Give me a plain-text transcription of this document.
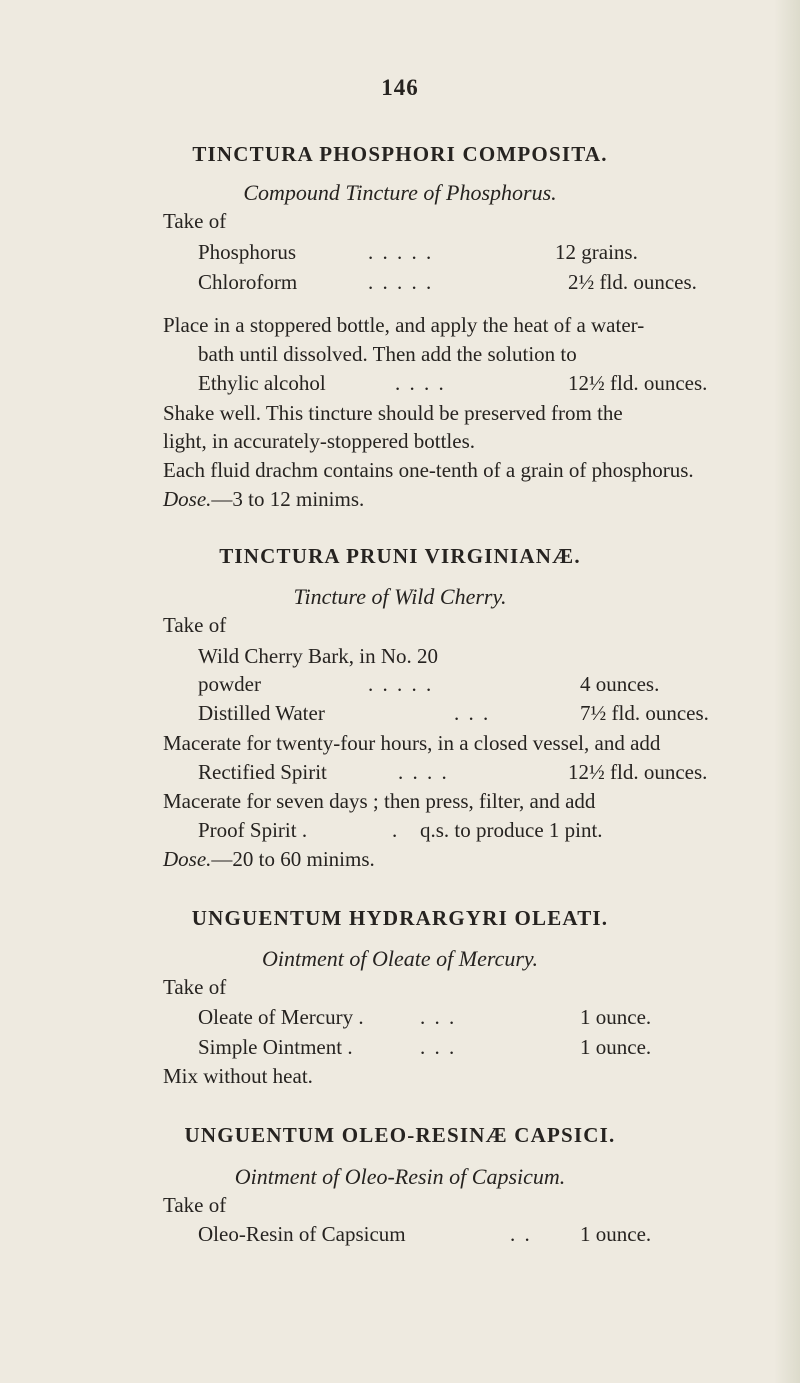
146
TINCTURA PHOSPHORI COMPOSITA.
Compound Tincture of Phosphorus.
Take of
Phosphorus	. . . . .	12 grains.
Chloroform	. . . . .	2½ fld. ounces.
Place in a stoppered bottle, and apply the heat of a water-
bath until dissolved. Then add the solution to
Ethylic alcohol	. . . .	12½ fld. ounces.
Shake well. This tincture should be preserved from the
light, in accurately-stoppered bottles.
Each fluid drachm contains one-tenth of a grain of phosphorus.
Dose.—3 to 12 minims.
TINCTURA PRUNI VIRGINIANÆ.
Tincture of Wild Cherry.
Take of
Wild Cherry Bark, in No. 20
powder	. . . . .	4 ounces.
Distilled Water	. . .	7½ fld. ounces.
Macerate for twenty-four hours, in a closed vessel, and add
Rectified Spirit	. . . .	12½ fld. ounces.
Macerate for seven days ; then press, filter, and add
Proof Spirit .	. q.s. to produce 1 pint.
Dose.—20 to 60 minims.
UNGUENTUM HYDRARGYRI OLEATI.
Ointment of Oleate of Mercury.
Take of
Oleate of Mercury .	. . .	1 ounce.
Simple Ointment .	. . .	1 ounce.
Mix without heat.
UNGUENTUM OLEO-RESINÆ CAPSICI.
Ointment of Oleo-Resin of Capsicum.
Take of
Oleo-Resin of Capsicum	. . 1 ounce.
